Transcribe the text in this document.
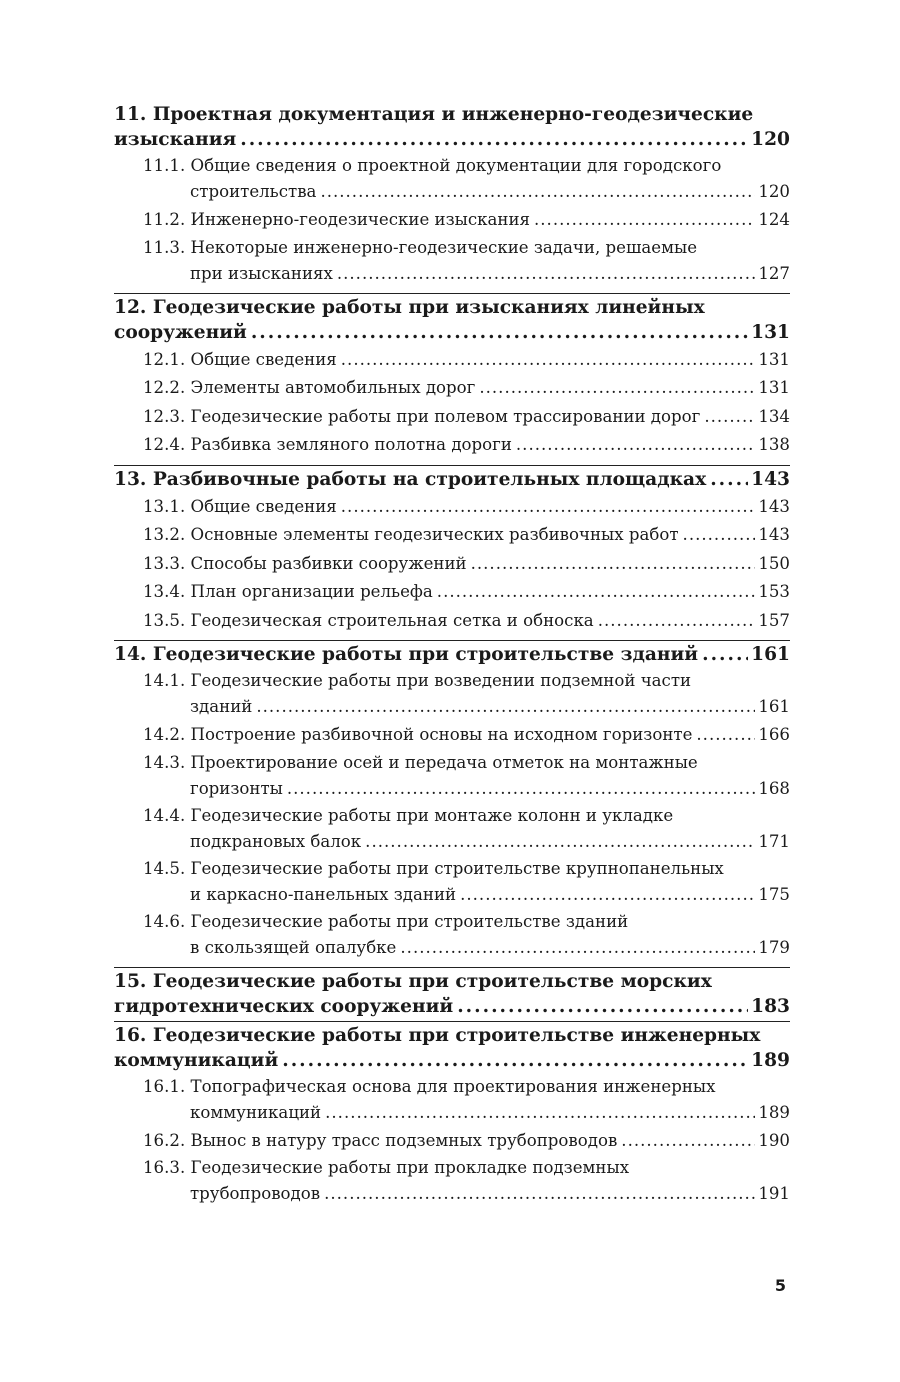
11. Проектная документация и инженерно-геодезические
изыскания .....	120
11.1. Общие сведения о проектной документации для городского
строительства .....	120
11.2. Инженерно-геодезические изыскания .....	124
11.3. Некоторые инженерно-геодезические задачи, решаемые
при изысканиях .....	127
12. Геодезические работы при изысканиях линейных
сооружений .....	131
12.1. Общие сведения .....	131
12.2. Элементы автомобильных дорог .....	131
12.3. Геодезические работы при полевом трассировании дорог .....	134
12.4. Разбивка земляного полотна дороги .....	138
13. Разбивочные работы на строительных площадках ..... 143
13.1. Общие сведения .....	143
13.2. Основные элементы геодезических разбивочных работ .....	143
13.3. Способы разбивки сооружений .....	150
13.4. План организации рельефа .....	153
13.5. Геодезическая строительная сетка и обноска .....	157
14. Геодезические работы при строительстве зданий .....	161
14.1. Геодезические работы при возведении подземной части
зданий .....	161
14.2. Построение разбивочной основы на исходном горизонте .....	166
14.3. Проектирование осей и передача отметок на монтажные
горизонты .....	168
14.4. Геодезические работы при монтаже колонн и укладке
подкрановых балок .....	171
14.5. Геодезические работы при строительстве крупнопанельных
и каркасно-панельных зданий .....	175
14.6. Геодезические работы при строительстве зданий
в скользящей опалубке .....	179
15. Геодезические работы при строительстве морских
гидротехнических сооружений .....	183
16. Геодезические работы при строительстве инженерных
коммуникаций .....	189
16.1. Топографическая основа для проектирования инженерных
коммуникаций .....	189
16.2. Вынос в натуру трасс подземных трубопроводов .....	190
16.3. Геодезические работы при прокладке подземных
трубопроводов .....	191
5
